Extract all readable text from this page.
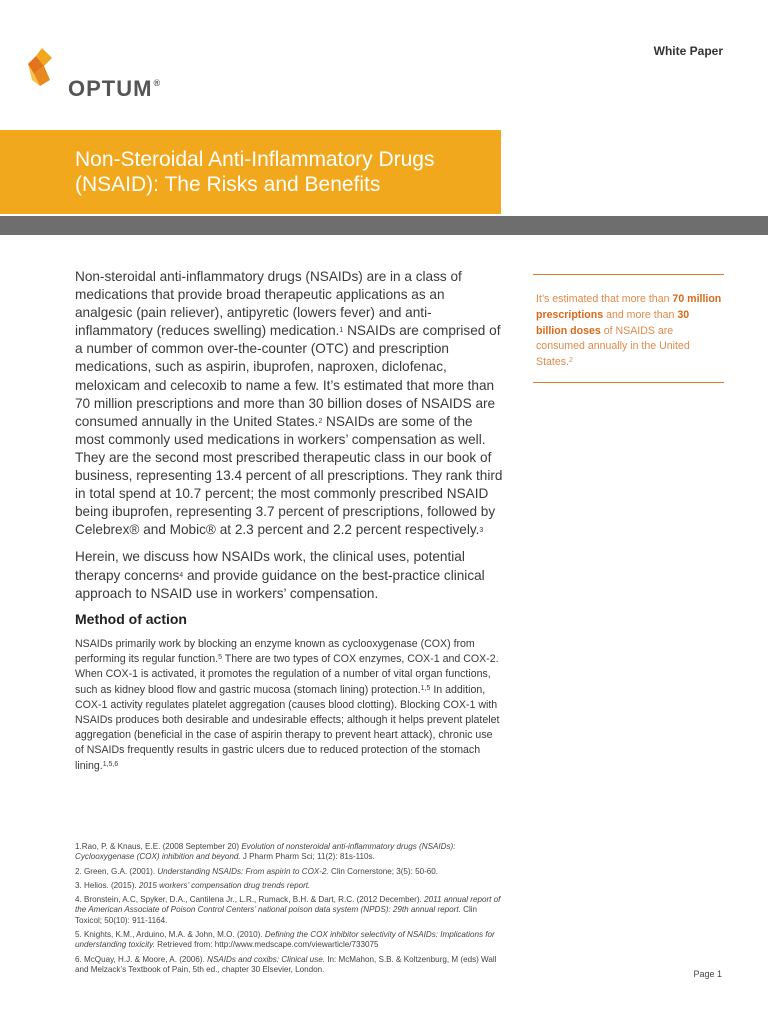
OPTUM®
White Paper
Non-Steroidal Anti-Inflammatory Drugs
(NSAID): The Risks and Benefits

Non-steroidal anti-inflammatory drugs (NSAIDs) are in a class of medications that provide broad therapeutic applications as an analgesic (pain reliever), antipyretic (lowers fever) and anti-inflammatory (reduces swelling) medication.$^1$ NSAIDs are comprised of a number of common over-the-counter (OTC) and prescription medications, such as aspirin, ibuprofen, naproxen, diclofenac, meloxicam and celecoxib to name a few. It’s estimated that more than 70 million prescriptions and more than 30 billion doses of NSAIDS are consumed annually in the United States.$^2$ NSAIDs are some of the most commonly used medications in workers’ compensation as well. They are the second most prescribed therapeutic class in our book of business, representing 13.4 percent of all prescriptions. They rank third in total spend at 10.7 percent; the most commonly prescribed NSAID being ibuprofen, representing 3.7 percent of prescriptions, followed by Celebrex® and Mobic® at 2.3 percent and 2.2 percent respectively.$^3$

Herein, we discuss how NSAIDs work, the clinical uses, potential therapy concerns$^4$ and provide guidance on the best-practice clinical approach to NSAID use in workers’ compensation.

Method of action

NSAIDs primarily work by blocking an enzyme known as cyclooxygenase (COX) from performing its regular function.$^5$ There are two types of COX enzymes, COX-1 and COX-2. When COX-1 is activated, it promotes the regulation of a number of vital organ functions, such as kidney blood flow and gastric mucosa (stomach lining) protection.$^{1,5}$ In addition, COX-1 activity regulates platelet aggregation (causes blood clotting). Blocking COX-1 with NSAIDs produces both desirable and undesirable effects; although it helps prevent platelet aggregation (beneficial in the case of aspirin therapy to prevent heart attack), chronic use of NSAIDs frequently results in gastric ulcers due to reduced protection of the stomach lining.$^{1,5,6}$

It’s estimated that more than 70 million prescriptions and more than 30 billion doses of NSAIDS are consumed annually in the United States.$^2$

1.Rao, P. & Knaus, E.E. (2008 September 20) Evolution of nonsteroidal anti-inflammatory drugs (NSAIDs): Cyclooxygenase (COX) inhibition and beyond. J Pharm Pharm Sci; 11(2): 81s-110s.

2. Green, G.A. (2001). Understanding NSAIDs: From aspirin to COX-2. Clin Cornerstone; 3(5): 50-60.

3. Helios. (2015). 2015 workers’ compensation drug trends report.

4. Bronstein, A.C, Spyker, D.A., Cantilena Jr., L.R., Rumack, B.H. & Dart, R.C. (2012 December). 2011 annual report of the American Associate of Poison Control Centers’ national poison data system (NPDS): 29th annual report. Clin Toxicol; 50(10): 911-1164.

5. Knights, K.M., Arduino, M.A. & John, M.O. (2010). Defining the COX inhibitor selectivity of NSAIDs: Implications for understanding toxicity. Retrieved from: http://www.medscape.com/viewarticle/733075

6. McQuay, H.J. & Moore, A. (2006). NSAIDs and coxibs: Clinical use. In: McMahon, S.B. & Koltzenburg, M (eds) Wall and Melzack’s Textbook of Pain, 5th ed., chapter 30 Elsevier, London.	Page 1
